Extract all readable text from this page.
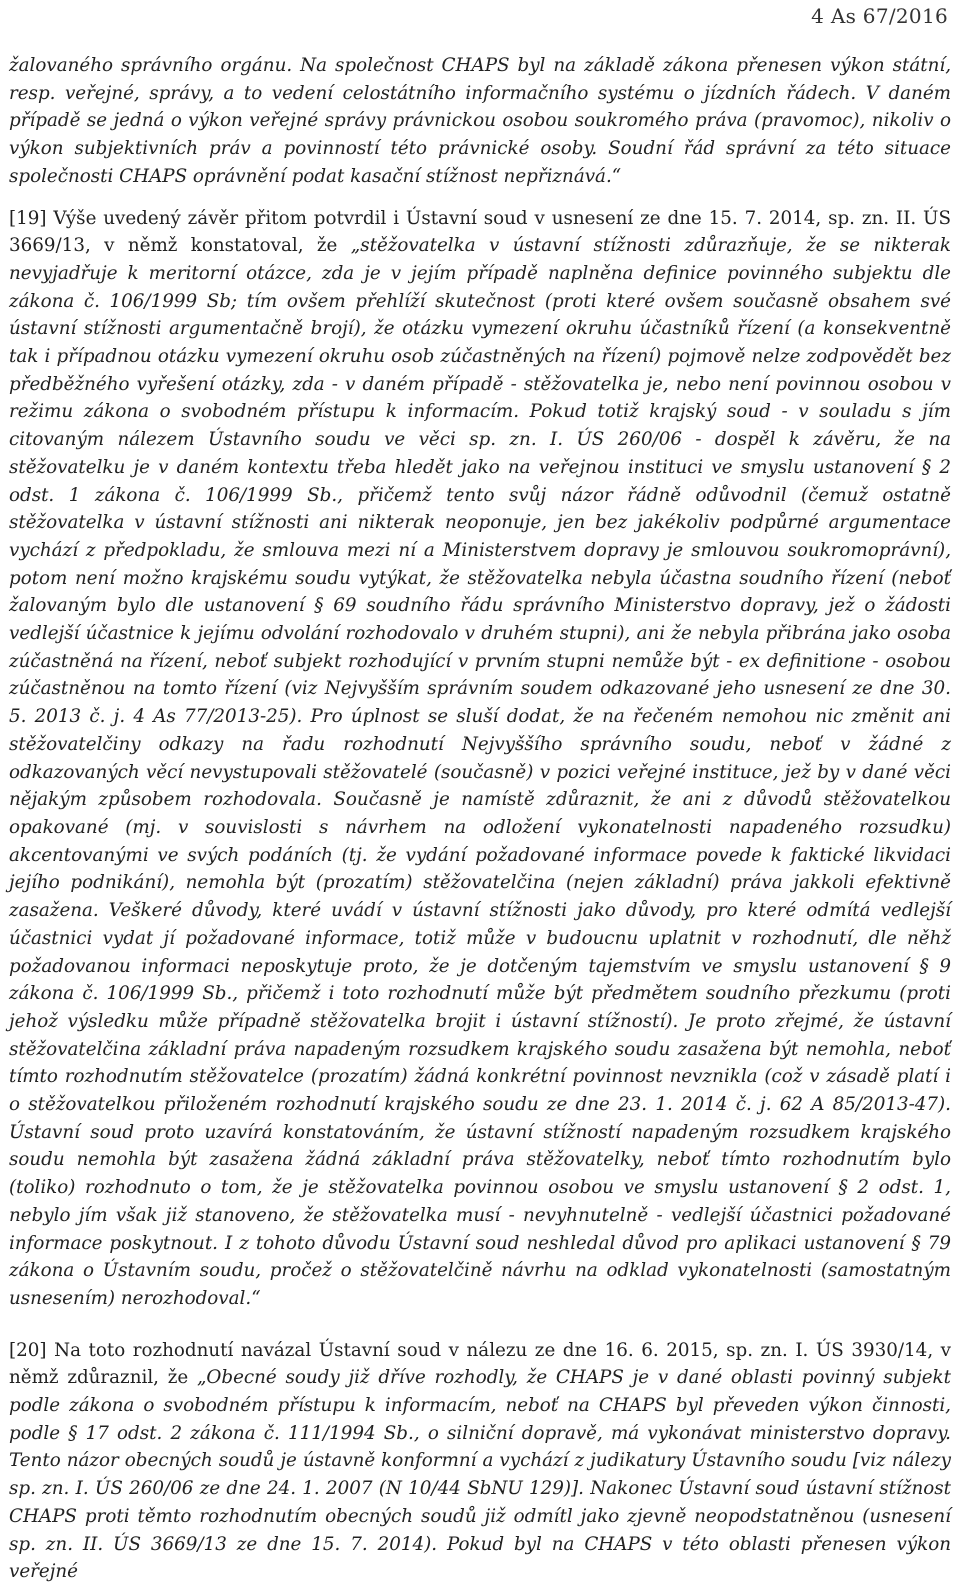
4 As 67/2016

žalovaného správního orgánu. Na společnost CHAPS byl na základě zákona přenesen výkon státní, resp. veřejné, správy, a to vedení celostátního informačního systému o jízdních řádech. V daném případě se jedná o výkon veřejné správy právnickou osobou soukromého práva (pravomoc), nikoliv o výkon subjektivních práv a povinností této právnické osoby. Soudní řád správní za této situace společnosti CHAPS oprávnění podat kasační stížnost nepřiznává.“

[19] Výše uvedený závěr přitom potvrdil i Ústavní soud v usnesení ze dne 15. 7. 2014, sp. zn. II. ÚS 3669/13, v němž konstatoval, že „stěžovatelka v ústavní stížnosti zdůrazňuje, že se nikterak nevyjadřuje k meritorní otázce, zda je v jejím případě naplněna definice povinného subjektu dle zákona č. 106/1999 Sb; tím ovšem přehlíží skutečnost (proti které ovšem současně obsahem své ústavní stížnosti argumentačně brojí), že otázku vymezení okruhu účastníků řízení (a konsekventně tak i případnou otázku vymezení okruhu osob zúčastněných na řízení) pojmově nelze zodpovědět bez předběžného vyřešení otázky, zda - v daném případě - stěžovatelka je, nebo není povinnou osobou v režimu zákona o svobodném přístupu k informacím. Pokud totiž krajský soud - v souladu s jím citovaným nálezem Ústavního soudu ve věci sp. zn. I. ÚS 260/06 - dospěl k závěru, že na stěžovatelku je v daném kontextu třeba hledět jako na veřejnou instituci ve smyslu ustanovení § 2 odst. 1 zákona č. 106/1999 Sb., přičemž tento svůj názor řádně odůvodnil (čemuž ostatně stěžovatelka v ústavní stížnosti ani nikterak neoponuje, jen bez jakékoliv podpůrné argumentace vychází z předpokladu, že smlouva mezi ní a Ministerstvem dopravy je smlouvou soukromoprávní), potom není možno krajskému soudu vytýkat, že stěžovatelka nebyla účastna soudního řízení (neboť žalovaným bylo dle ustanovení § 69 soudního řádu správního Ministerstvo dopravy, jež o žádosti vedlejší účastnice k jejímu odvolání rozhodovalo v druhém stupni), ani že nebyla přibrána jako osoba zúčastněná na řízení, neboť subjekt rozhodující v prvním stupni nemůže být - ex definitione - osobou zúčastněnou na tomto řízení (viz Nejvyšším správním soudem odkazované jeho usnesení ze dne 30. 5. 2013 č. j. 4 As 77/2013-25). Pro úplnost se sluší dodat, že na řečeném nemohou nic změnit ani stěžovatelčiny odkazy na řadu rozhodnutí Nejvyššího správního soudu, neboť v žádné z odkazovaných věcí nevystupovali stěžovatelé (současně) v pozici veřejné instituce, jež by v dané věci nějakým způsobem rozhodovala. Současně je namístě zdůraznit, že ani z důvodů stěžovatelkou opakované (mj. v souvislosti s návrhem na odložení vykonatelnosti napadeného rozsudku) akcentovanými ve svých podáních (tj. že vydání požadované informace povede k faktické likvidaci jejího podnikání), nemohla být (prozatím) stěžovatelčina (nejen základní) práva jakkoli efektivně zasažena. Veškeré důvody, které uvádí v ústavní stížnosti jako důvody, pro které odmítá vedlejší účastnici vydat jí požadované informace, totiž může v budoucnu uplatnit v rozhodnutí, dle něhž požadovanou informaci neposkytuje proto, že je dotčeným tajemstvím ve smyslu ustanovení § 9 zákona č. 106/1999 Sb., přičemž i toto rozhodnutí může být předmětem soudního přezkumu (proti jehož výsledku může případně stěžovatelka brojit i ústavní stížností). Je proto zřejmé, že ústavní stěžovatelčina základní práva napadeným rozsudkem krajského soudu zasažena být nemohla, neboť tímto rozhodnutím stěžovatelce (prozatím) žádná konkrétní povinnost nevznikla (což v zásadě platí i o stěžovatelkou přiloženém rozhodnutí krajského soudu ze dne 23. 1. 2014 č. j. 62 A 85/2013-47). Ústavní soud proto uzavírá konstatováním, že ústavní stížností napadeným rozsudkem krajského soudu nemohla být zasažena žádná základní práva stěžovatelky, neboť tímto rozhodnutím bylo (toliko) rozhodnuto o tom, že je stěžovatelka povinnou osobou ve smyslu ustanovení § 2 odst. 1, nebylo jím však již stanoveno, že stěžovatelka musí - nevyhnutelně - vedlejší účastnici požadované informace poskytnout. I z tohoto důvodu Ústavní soud neshledal důvod pro aplikaci ustanovení § 79 zákona o Ústavním soudu, pročež o stěžovatelčině návrhu na odklad vykonatelnosti (samostatným usnesením) nerozhodoval.“

[20] Na toto rozhodnutí navázal Ústavní soud v nálezu ze dne 16. 6. 2015, sp. zn. I. ÚS 3930/14, v němž zdůraznil, že „Obecné soudy již dříve rozhodly, že CHAPS je v dané oblasti povinný subjekt podle zákona o svobodném přístupu k informacím, neboť na CHAPS byl převeden výkon činnosti, podle § 17 odst. 2 zákona č. 111/1994 Sb., o silniční dopravě, má vykonávat ministerstvo dopravy. Tento názor obecných soudů je ústavně konformní a vychází z judikatury Ústavního soudu [viz nálezy sp. zn. I. ÚS 260/06 ze dne 24. 1. 2007 (N 10/44 SbNU 129)]. Nakonec Ústavní soud ústavní stížnost CHAPS proti těmto rozhodnutím obecných soudů již odmítl jako zjevně neopodstatněnou (usnesení sp. zn. II. ÚS 3669/13 ze dne 15. 7. 2014). Pokud byl na CHAPS v této oblasti přenesen výkon veřejné
